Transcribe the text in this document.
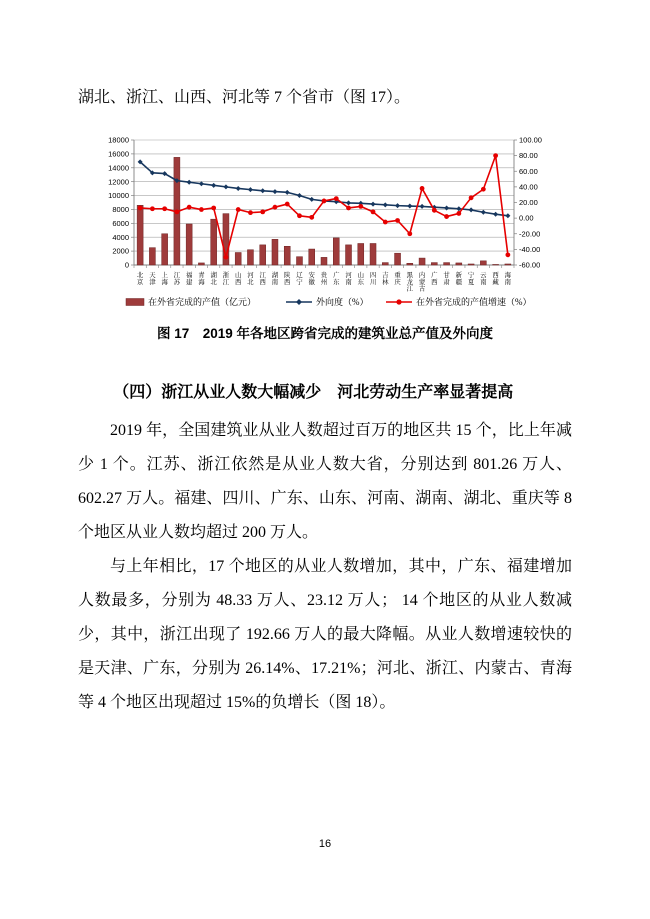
湖北、浙江、山西、河北等 7 个省市（图 17）。

0
2000
4000
6000
8000
10000
12000
14000
16000
18000
-60.00
-40.00
-20.00
0.00
20.00
40.00
60.00
80.00
100.00
北京
天津
上海
江苏
福建
青海
湖北
浙江
山西
河北
江西
湖南
陕西
辽宁
安徽
贵州
广东
河南
山东
四川
吉林
重庆
黑龙江
内蒙古
广西
甘肃
新疆
宁夏
云南
西藏
海南
在外省完成的产值（亿元）	外向度（%）	在外省完成的产值增速（%）
图 17　2019 年各地区跨省完成的建筑业总产值及外向度
（四）浙江从业人数大幅减少　河北劳动生产率显著提高

2019 年，全国建筑业从业人数超过百万的地区共 15 个，比上年减少 1 个。江苏、浙江依然是从业人数大省，分别达到 801.26 万人、602.27 万人。福建、四川、广东、山东、河南、湖南、湖北、重庆等 8 个地区从业人数均超过 200 万人。

与上年相比，17 个地区的从业人数增加，其中，广东、福建增加人数最多，分别为 48.33 万人、23.12 万人； 14 个地区的从业人数减少，其中，浙江出现了 192.66 万人的最大降幅。从业人数增速较快的是天津、广东，分别为 26.14%、17.21%；河北、浙江、内蒙古、青海等 4 个地区出现超过 15%的负增长（图 18）。

16
